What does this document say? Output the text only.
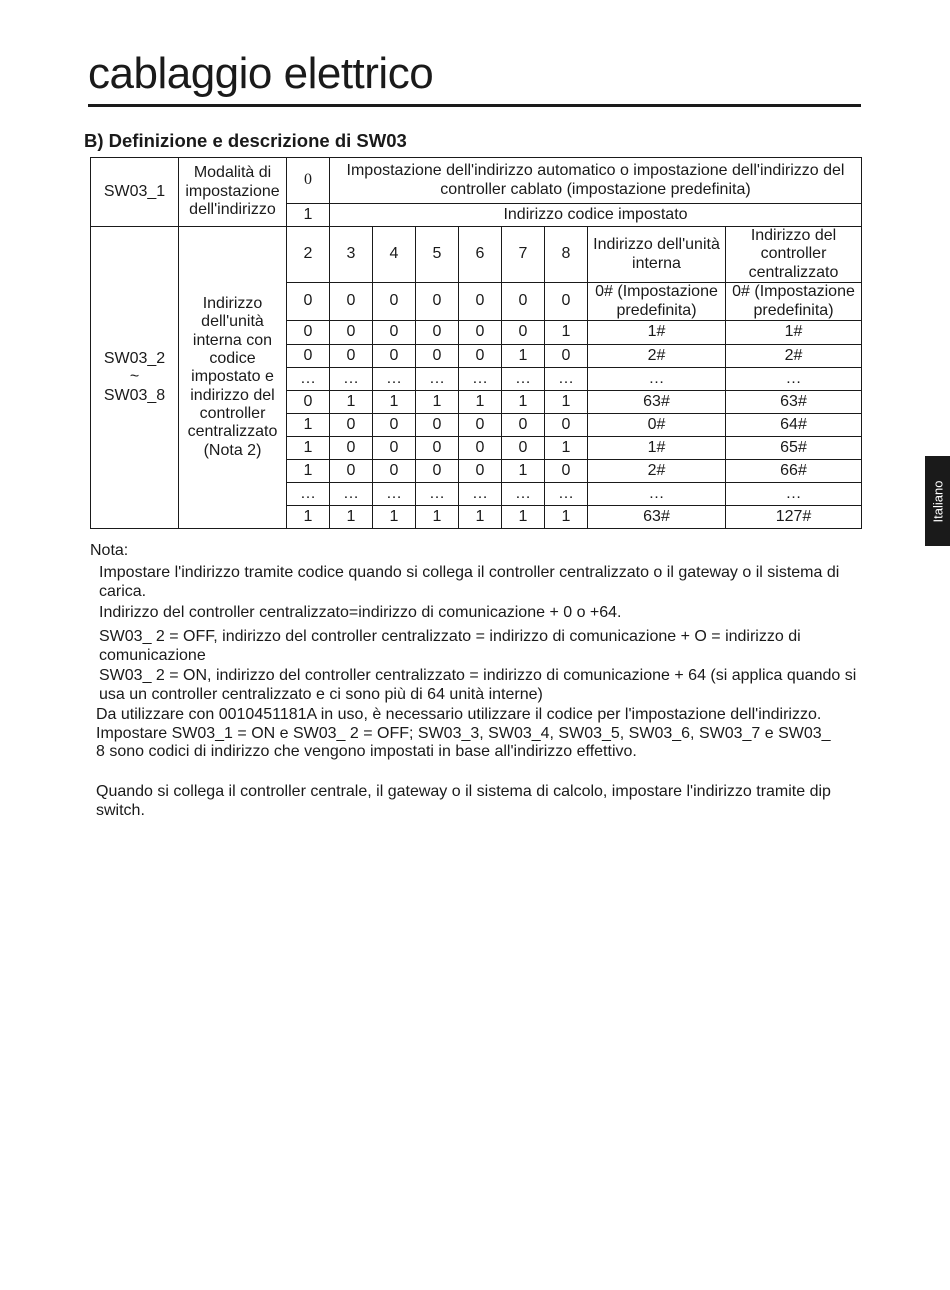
cablaggio elettrico
B) Definizione e descrizione di SW03
Italiano
SW03_1	Modalità di impostazione dell'indirizzo	0	Impostazione dell'indirizzo automatico o impostazione dell'indirizzo del controller cablato (impostazione predefinita)							
		1	Indirizzo codice impostato							

SW03_2
~
SW03_8	Indirizzo dell'unità interna con codice impostato e indirizzo del controller centralizzato (Nota 2)	2	3	4	5	6	7	8	Indirizzo dell'unità interna	Indirizzo del controller centralizzato
		0	0	0	0	0	0	0	0# (Impostazione predefinita)	0# (Impostazione predefinita)
		0	0	0	0	0	0	1	1#	1#
		0	0	0	0	0	1	0	2#	2#
		…	…	…	…	…	…	…	…	…
		0	1	1	1	1	1	1	63#	63#
		1	0	0	0	0	0	0	0#	64#
		1	0	0	0	0	0	1	1#	65#
		1	0	0	0	0	1	0	2#	66#
		…	…	…	…	…	…	…	…	…
		1	1	1	1	1	1	1	63#	127#
Nota:
Impostare l'indirizzo tramite codice quando si collega il controller centralizzato o il gateway o il sistema di carica.
Indirizzo del controller centralizzato=indirizzo di comunicazione + 0 o +64.
SW03_ 2 = OFF, indirizzo del controller centralizzato = indirizzo di comunicazione + O = indirizzo di comunicazione
SW03_ 2 = ON, indirizzo del controller centralizzato = indirizzo di comunicazione + 64 (si applica quando si usa un controller centralizzato e ci sono più di 64 unità interne)
Da utilizzare con 0010451181A in uso, è necessario utilizzare il codice per l'impostazione dell'indirizzo. Impostare SW03_1 = ON e SW03_ 2 = OFF; SW03_3, SW03_4, SW03_5, SW03_6, SW03_7 e SW03_ 8 sono codici di indirizzo che vengono impostati in base all'indirizzo effettivo.
Quando si collega il controller centrale, il gateway o il sistema di calcolo, impostare l'indirizzo tramite dip switch.
